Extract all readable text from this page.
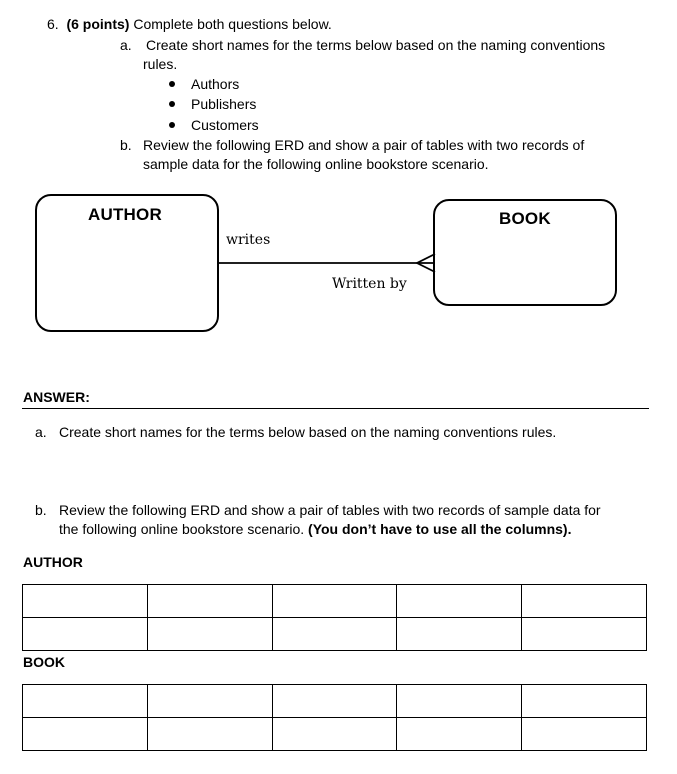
6. (6 points) Complete both questions below.
a. Create short names for the terms below based on the naming conventions
rules.
Authors
Publishers
Customers
b. Review the following ERD and show a pair of tables with two records of
sample data for the following online bookstore scenario.
AUTHOR	BOOK
writes
Written by
ANSWER:
a. Create short names for the terms below based on the naming conventions rules.
b. Review the following ERD and show a pair of tables with two records of sample data for
the following online bookstore scenario. (You don’t have to use all the columns).
AUTHOR

BOOK
